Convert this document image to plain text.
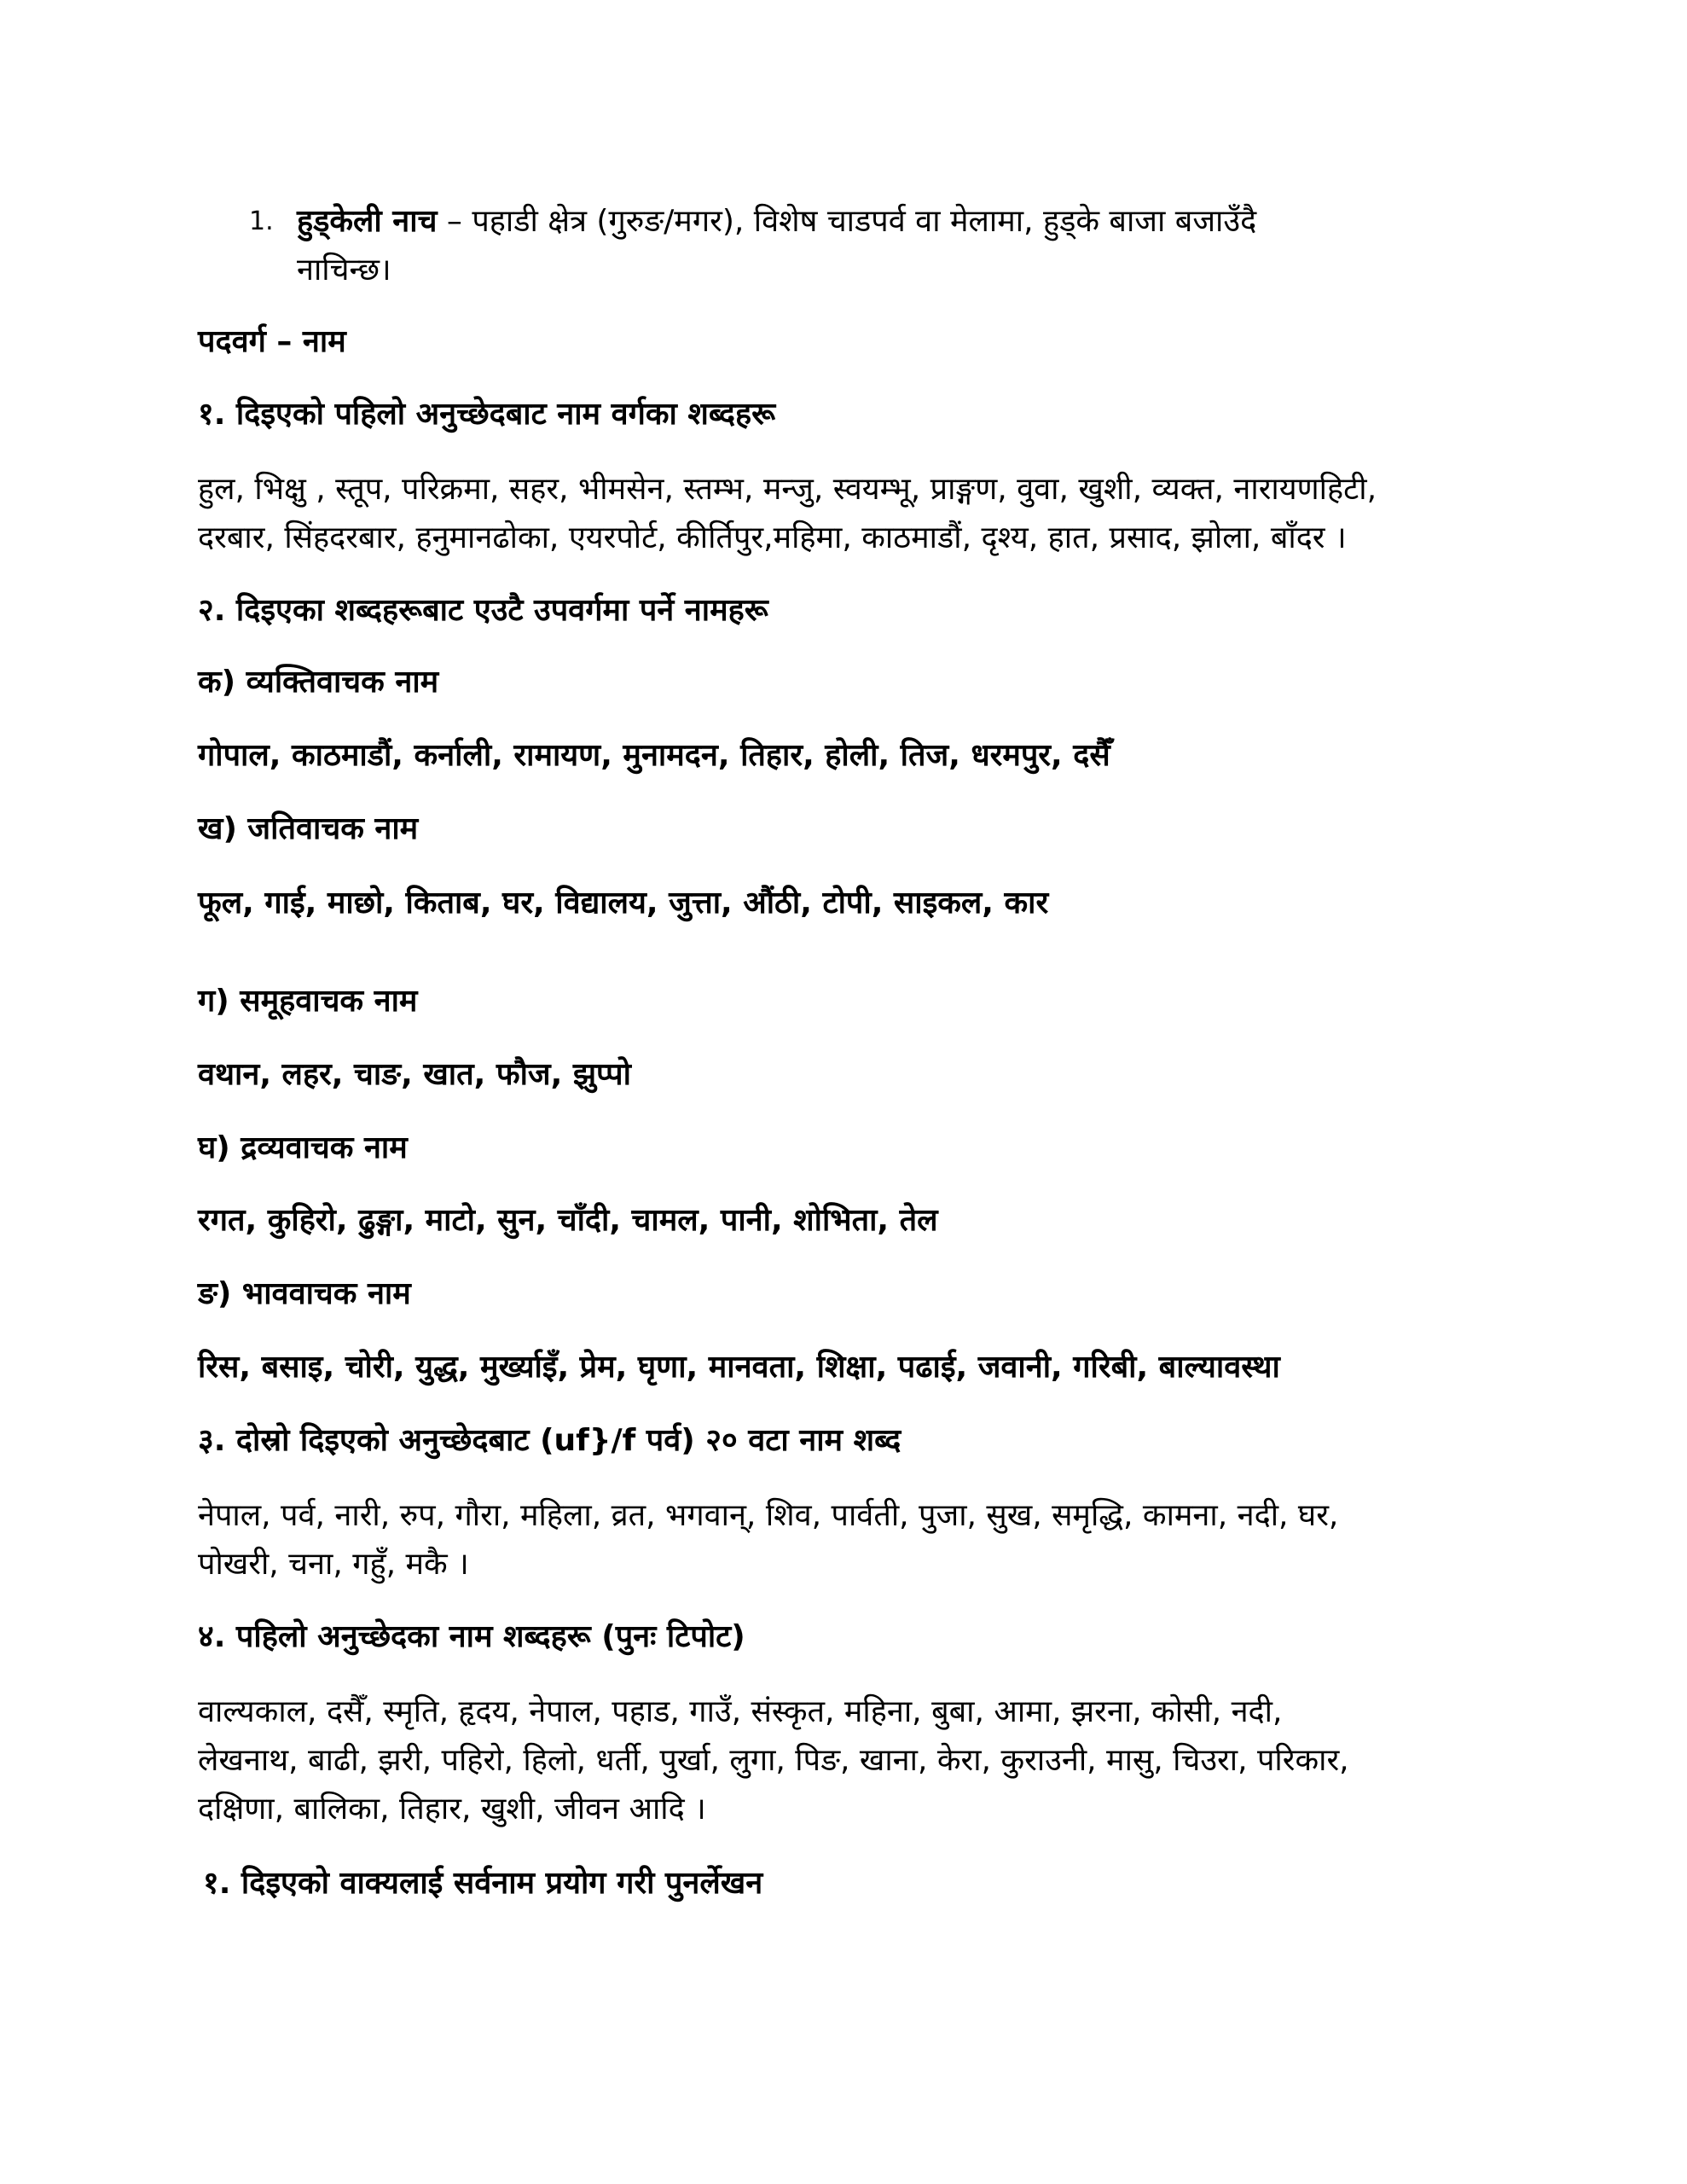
1. हुड्केली नाच – पहाडी क्षेत्र (गुरुङ/मगर), विशेष चाडपर्व वा मेलामा, हुड्के बाजा बजाउँदै
नाचिन्छ।
पदवर्ग – नाम
१. दिइएको पहिलो अनुच्छेदबाट नाम वर्गका शब्दहरू
हुल, भिक्षु , स्तूप, परिक्रमा, सहर, भीमसेन, स्तम्भ, मन्जु, स्वयम्भू, प्राङ्गण, वुवा, खुशी, व्यक्त, नारायणहिटी,
दरबार, सिंहदरबार, हनुमानढोका, एयरपोर्ट, कीर्तिपुर,महिमा, काठमाडौं, दृश्य, हात, प्रसाद, झोला, बाँदर ।
२. दिइएका शब्दहरूबाट एउटै उपवर्गमा पर्ने नामहरू
क) व्यक्तिवाचक नाम
गोपाल, काठमाडौं, कर्नाली, रामायण, मुनामदन, तिहार, होली, तिज, धरमपुर, दसैँ
ख) जतिवाचक नाम
फूल, गाई, माछो, किताब, घर, विद्यालय, जुत्ता, औंठी, टोपी, साइकल, कार
ग) समूहवाचक नाम
वथान, लहर, चाङ, खात, फौज, झुप्पो
घ) द्रव्यवाचक नाम
रगत, कुहिरो, ढुङ्गा, माटो, सुन, चाँदी, चामल, पानी, शोभिता, तेल
ङ) भाववाचक नाम
रिस, बसाइ, चोरी, युद्ध, मुर्ख्याइँ, प्रेम, घृणा, मानवता, शिक्षा, पढाई, जवानी, गरिबी, बाल्यावस्था
३. दोस्रो दिइएको अनुच्छेदबाट (uf}/f पर्व) २० वटा नाम शब्द
नेपाल, पर्व, नारी, रुप, गौरा, महिला, व्रत, भगवान्, शिव, पार्वती, पुजा, सुख, समृद्धि, कामना, नदी, घर,
पोखरी, चना, गहुँ, मकै ।
४. पहिलो अनुच्छेदका नाम शब्दहरू (पुनः टिपोट)
वाल्यकाल, दसैँ, स्मृति, हृदय, नेपाल, पहाड, गाउँ, संस्कृत, महिना, बुबा, आमा, झरना, कोसी, नदी,
लेखनाथ, बाढी, झरी, पहिरो, हिलो, धर्ती, पुर्खा, लुगा, पिङ, खाना, केरा, कुराउनी, मासु, चिउरा, परिकार,
दक्षिणा, बालिका, तिहार, खुशी, जीवन आदि ।
१. दिइएको वाक्यलाई सर्वनाम प्रयोग गरी पुनर्लेखन
